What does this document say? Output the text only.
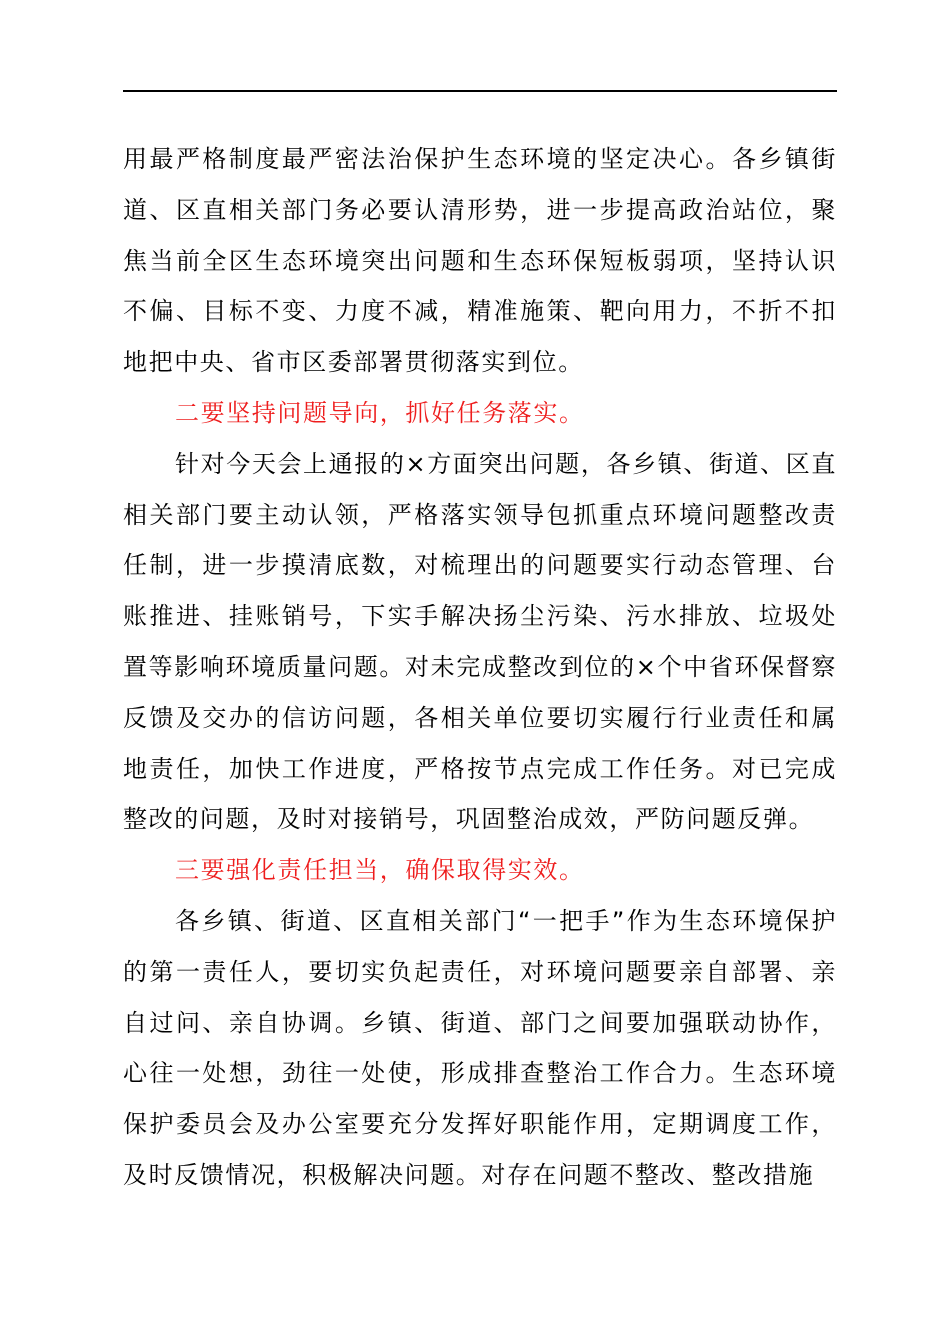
用最严格制度最严密法治保护生态环境的坚定决心。各乡镇街道、区直相关部门务必要认清形势，进一步提高政治站位，聚焦当前全区生态环境突出问题和生态环保短板弱项，坚持认识不偏、目标不变、力度不减，精准施策、靶向用力，不折不扣地把中央、省市区委部署贯彻落实到位。

二要坚持问题导向，抓好任务落实。

针对今天会上通报的×方面突出问题，各乡镇、街道、区直相关部门要主动认领，严格落实领导包抓重点环境问题整改责任制，进一步摸清底数，对梳理出的问题要实行动态管理、台账推进、挂账销号，下实手解决扬尘污染、污水排放、垃圾处置等影响环境质量问题。对未完成整改到位的×个中省环保督察反馈及交办的信访问题，各相关单位要切实履行行业责任和属地责任，加快工作进度，严格按节点完成工作任务。对已完成整改的问题，及时对接销号，巩固整治成效，严防问题反弹。

三要强化责任担当，确保取得实效。

各乡镇、街道、区直相关部门“一把手”作为生态环境保护的第一责任人，要切实负起责任，对环境问题要亲自部署、亲自过问、亲自协调。乡镇、街道、部门之间要加强联动协作，心往一处想，劲往一处使，形成排查整治工作合力。生态环境保护委员会及办公室要充分发挥好职能作用，定期调度工作，及时反馈情况，积极解决问题。对存在问题不整改、整改措施
